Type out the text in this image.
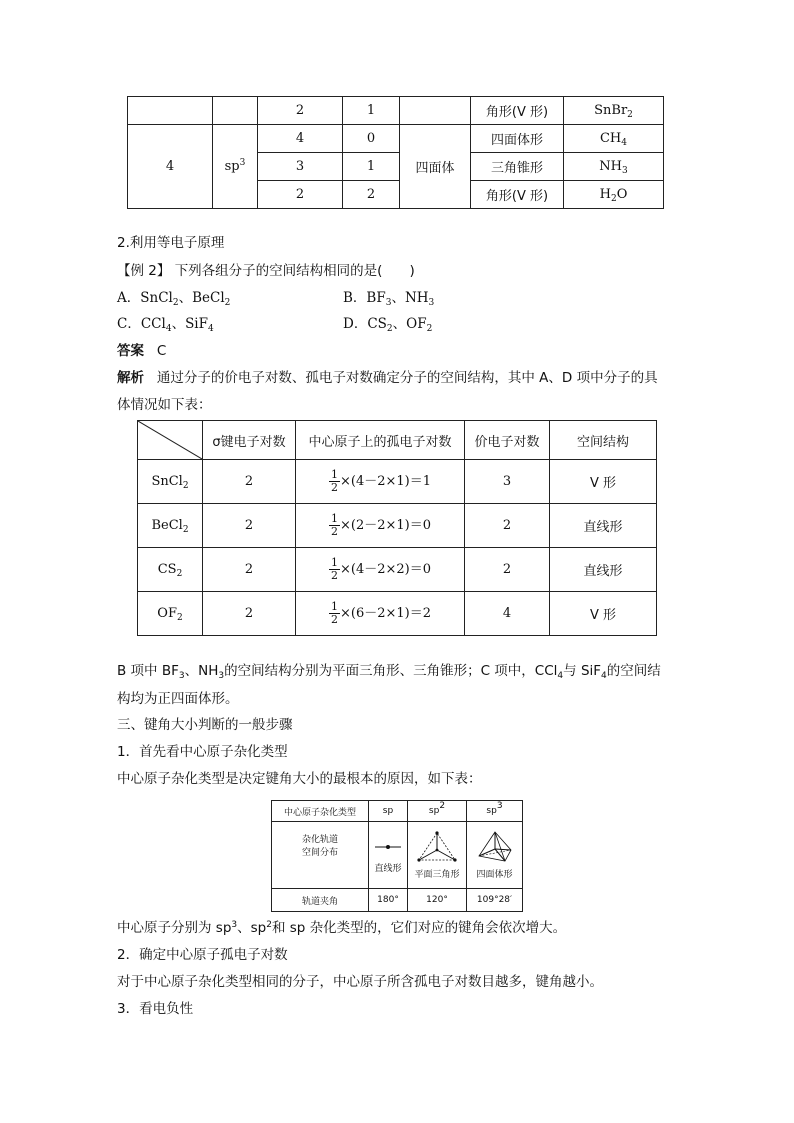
		2	1		角形(V 形)	SnBr$_2$
4	$sp^3$	4	0	四面体	四面体形	$CH_4$
		3	1		三角锥形	$NH_3$
		2	2		角形(V 形)	$H_2O$
2.利用等电子原理
【例 2】 下列各组分子的空间结构相同的是(　　)
A．SnCl$_2$、BeCl$_2$	B．$BF_3$、$NH_3$
C．CCl$_4$、SiF$_4$	D．$CS_2$、$OF_2$
答案 C
解析 通过分子的价电子对数、孤电子对数确定分子的空间结构，其中 A、D 项中分子的具
体情况如下表：
	σ键电子对数	中心原子上的孤电子对数	价电子对数	空间结构
SnCl$_2$	2	$\frac{1}{2} \times(4-2\times 1)=1$	3	V 形
BeCl$_2$	2	$\frac{1}{2} \times(2-2\times 1)=0$	2	直线形
$CS_2$	2	$\frac{1}{2} \times(4-2\times 2)=0$	2	直线形
$OF_2$	2	$\frac{1}{2} \times(6-2\times 1)=2$	4	V 形
B 项中 $BF_3$、$NH_3$的空间结构分别为平面三角形、三角锥形；C 项中，CCl$_4$与 SiF$_4$的空间结
构均为正四面体形。
三、键角大小判断的一般步骤
1．首先看中心原子杂化类型
中心原子杂化类型是决定键角大小的最根本的原因，如下表：
中心原子杂化类型	sp	$sp^2$	$sp^3$

杂化轨道
空间分布	直线形	平面三角形	四面体形

轨道夹角	180°	120°	109°28′
中心原子分别为 $sp^3$、$sp^2$和 sp 杂化类型的，它们对应的键角会依次增大。
2．确定中心原子孤电子对数
对于中心原子杂化类型相同的分子，中心原子所含孤电子对数目越多，键角越小。
3．看电负性
